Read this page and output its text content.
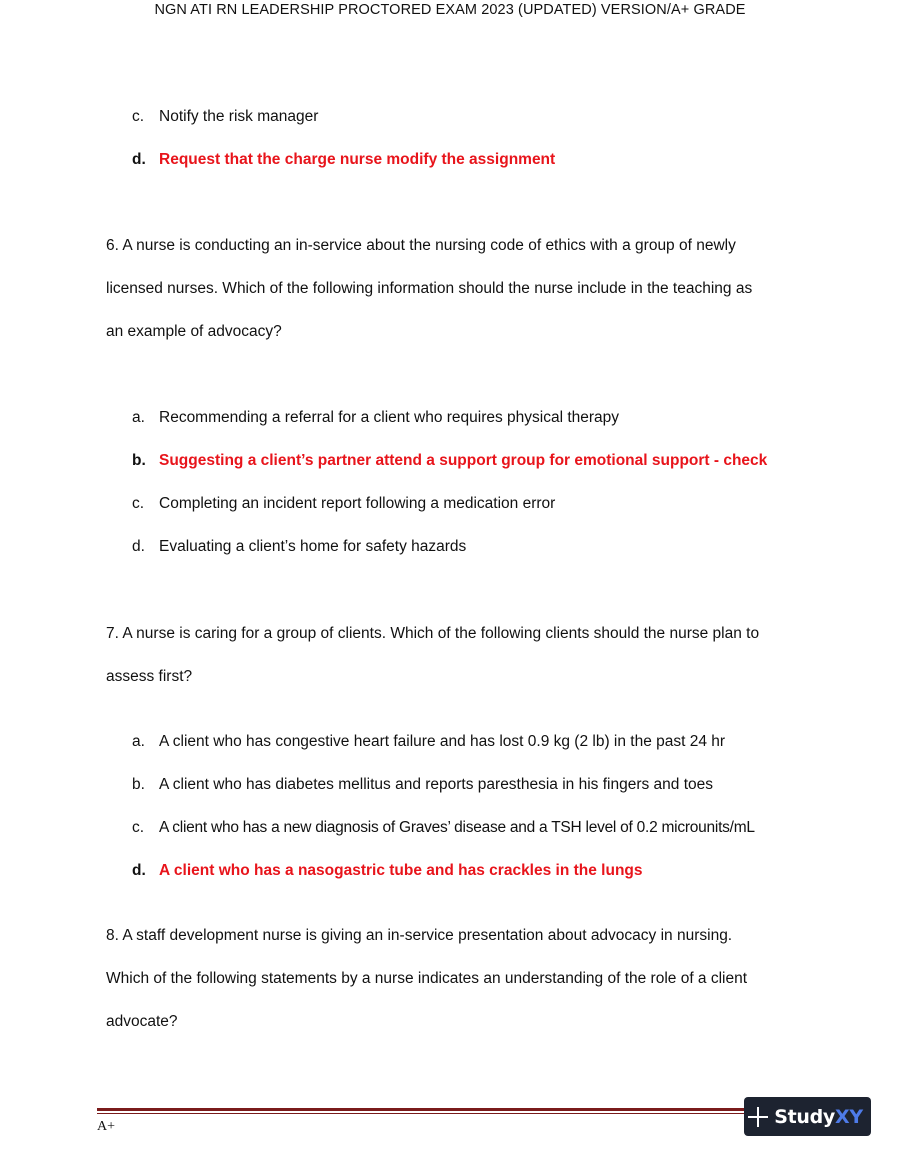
NGN ATI RN LEADERSHIP PROCTORED EXAM 2023 (UPDATED) VERSION/A+ GRADE
c. Notify the risk manager
d. Request that the charge nurse modify the assignment
6. A nurse is conducting an in-service about the nursing code of ethics with a group of newly
licensed nurses. Which of the following information should the nurse include in the teaching as
an example of advocacy?
a. Recommending a referral for a client who requires physical therapy
b. Suggesting a client’s partner attend a support group for emotional support - check
c. Completing an incident report following a medication error
d. Evaluating a client’s home for safety hazards
7. A nurse is caring for a group of clients. Which of the following clients should the nurse plan to
assess first?
a. A client who has congestive heart failure and has lost 0.9 kg (2 lb) in the past 24 hr
b. A client who has diabetes mellitus and reports paresthesia in his fingers and toes
c. A client who has a new diagnosis of Graves’ disease and a TSH level of 0.2 microunits/mL
d. A client who has a nasogastric tube and has crackles in the lungs
8. A staff development nurse is giving an in-service presentation about advocacy in nursing.
Which of the following statements by a nurse indicates an understanding of the role of a client
advocate?
A+	StudyXY
